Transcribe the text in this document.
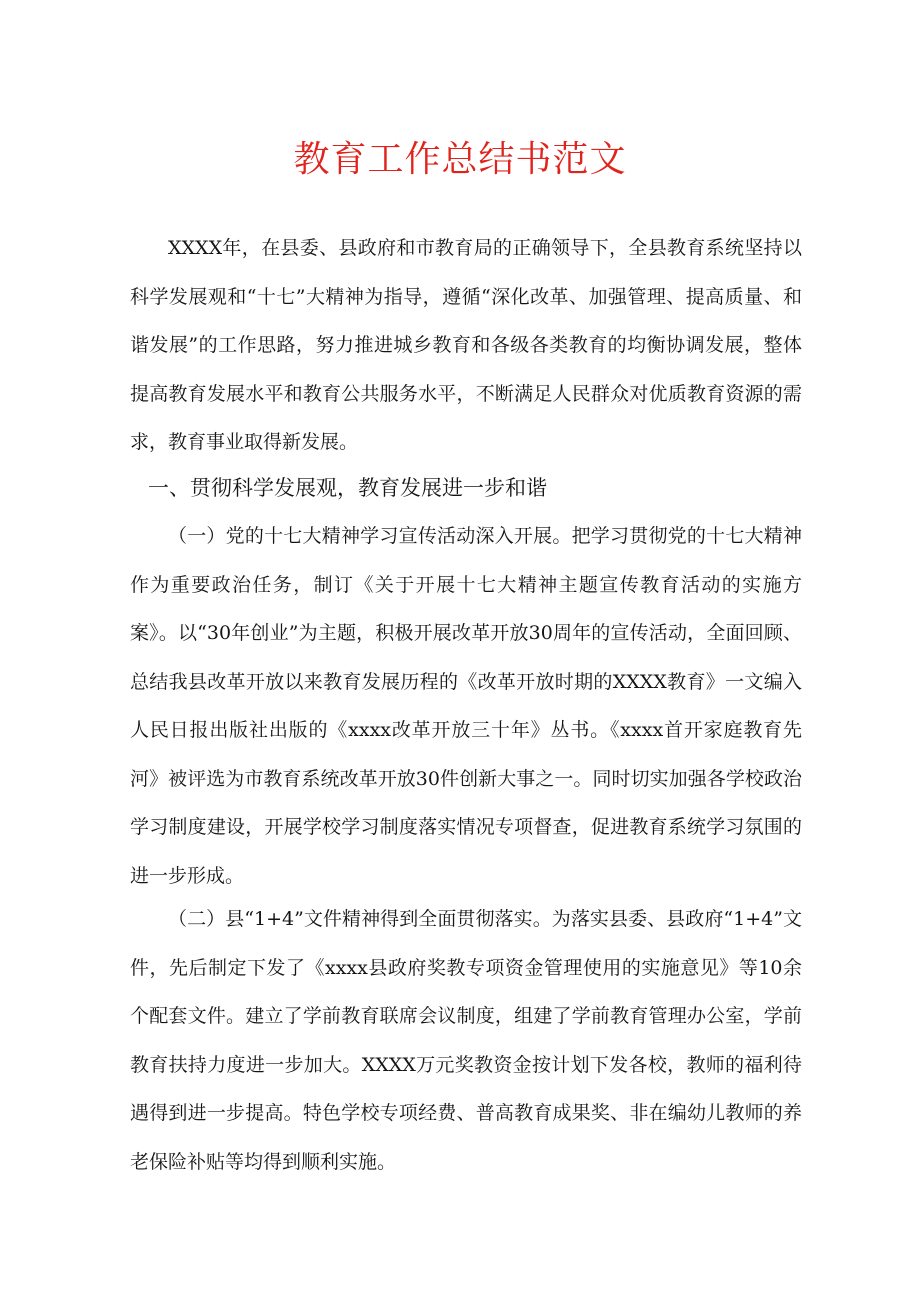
教育工作总结书范文

XXXX年，在县委、县政府和市教育局的正确领导下，全县教育系统坚持以科学发展观和“十七”大精神为指导，遵循“深化改革、加强管理、提高质量、和谐发展”的工作思路，努力推进城乡教育和各级各类教育的均衡协调发展，整体提高教育发展水平和教育公共服务水平，不断满足人民群众对优质教育资源的需求，教育事业取得新发展。

一、贯彻科学发展观，教育发展进一步和谐

（一）党的十七大精神学习宣传活动深入开展。把学习贯彻党的十七大精神作为重要政治任务，制订《关于开展十七大精神主题宣传教育活动的实施方案》。以“30年创业”为主题，积极开展改革开放30周年的宣传活动，全面回顾、总结我县改革开放以来教育发展历程的《改革开放时期的XXXX教育》一文编入人民日报出版社出版的《xxxx改革开放三十年》丛书。《xxxx首开家庭教育先河》被评选为市教育系统改革开放30件创新大事之一。同时切实加强各学校政治学习制度建设，开展学校学习制度落实情况专项督查，促进教育系统学习氛围的进一步形成。

（二）县“1+4”文件精神得到全面贯彻落实。为落实县委、县政府“1+4”文件，先后制定下发了《xxxx县政府奖教专项资金管理使用的实施意见》等10余个配套文件。建立了学前教育联席会议制度，组建了学前教育管理办公室，学前教育扶持力度进一步加大。XXXX万元奖教资金按计划下发各校，教师的福利待遇得到进一步提高。特色学校专项经费、普高教育成果奖、非在编幼儿教师的养老保险补贴等均得到顺利实施。
